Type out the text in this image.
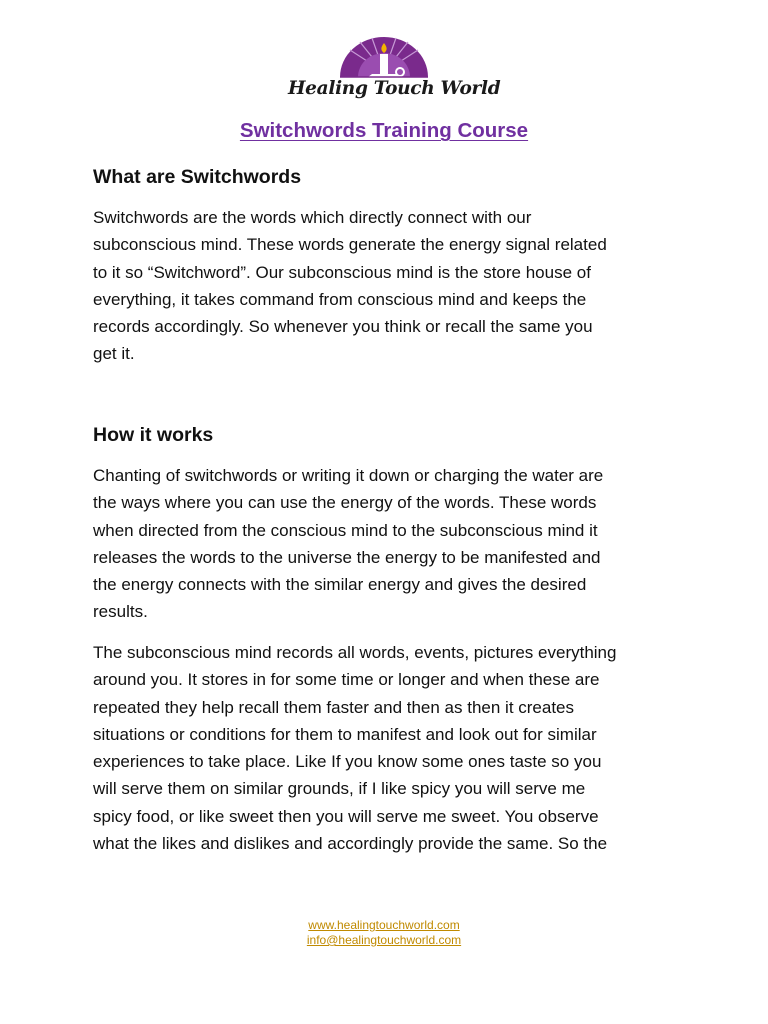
Healing Touch World
Switchwords Training Course
What are Switchwords

Switchwords are the words which directly connect with our
subconscious mind. These words generate the energy signal related
to it so “Switchword”. Our subconscious mind is the store house of
everything, it takes command from conscious mind and keeps the
records accordingly. So whenever you think or recall the same you
get it.

How it works

Chanting of switchwords or writing it down or charging the water are
the ways where you can use the energy of the words. These words
when directed from the conscious mind to the subconscious mind it
releases the words to the universe the energy to be manifested and
the energy connects with the similar energy and gives the desired
results.

The subconscious mind records all words, events, pictures everything
around you. It stores in for some time or longer and when these are
repeated they help recall them faster and then as then it creates
situations or conditions for them to manifest and look out for similar
experiences to take place. Like If you know some ones taste so you
will serve them on similar grounds, if I like spicy you will serve me
spicy food, or like sweet then you will serve me sweet. You observe
what the likes and dislikes and accordingly provide the same. So the

www.healingtouchworld.com
info@healingtouchworld.com
